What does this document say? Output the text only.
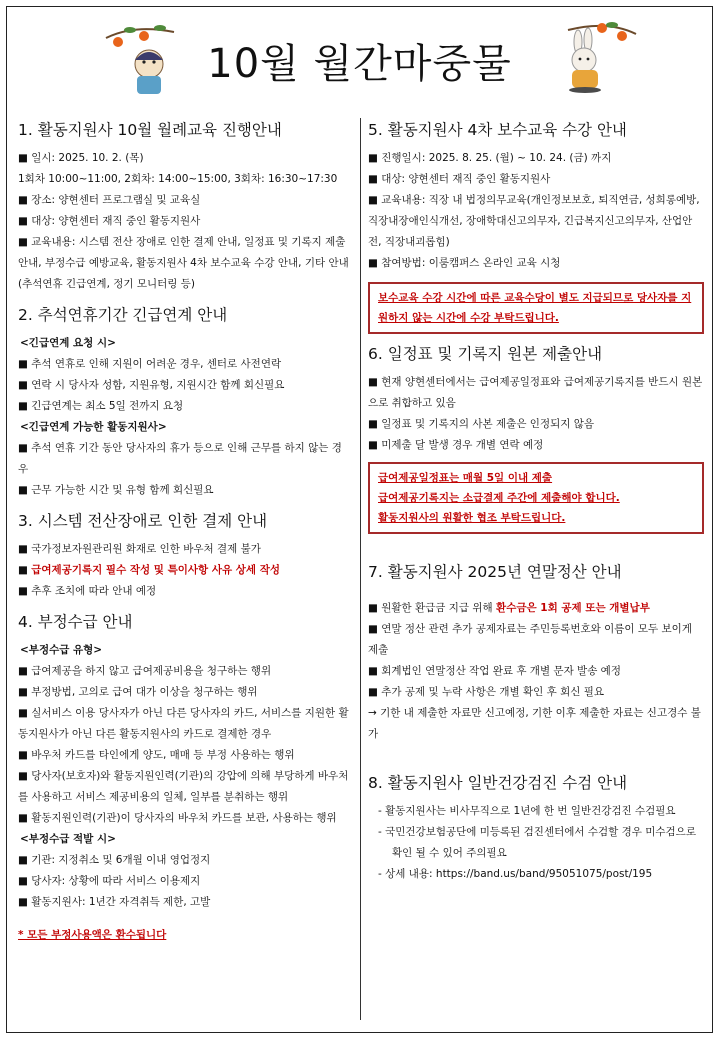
10월 월간마중물
1. 활동지원사 10월 월례교육 진행안내
■ 일시: 2025. 10. 2. (목)
1회차 10:00~11:00, 2회차: 14:00~15:00, 3회차: 16:30~17:30
■ 장소: 양현센터 프로그램실 및 교육실
■ 대상: 양현센터 재직 중인 활동지원사
■ 교육내용: 시스템 전산 장애로 인한 결제 안내, 일정표 및 기록지 제출 안내, 부정수급 예방교육, 활동지원사 4차 보수교육 수강 안내, 기타 안내(추석연휴 긴급연계, 정기 모니터링 등)
2. 추석연휴기간 긴급연계 안내
<긴급연계 요청 시>
■ 추석 연휴로 인해 지원이 어려운 경우, 센터로 사전연락
■ 연락 시 당사자 성함, 지원유형, 지원시간 함께 회신필요
■ 긴급연계는 최소 5일 전까지 요청
<긴급연계 가능한 활동지원사>
■ 추석 연휴 기간 동안 당사자의 휴가 등으로 인해 근무를 하지 않는 경우
■ 근무 가능한 시간 및 유형 함께 회신필요
3. 시스템 전산장애로 인한 결제 안내
■ 국가정보자원관리원 화재로 인한 바우처 결제 불가
■ 급여제공기록지 필수 작성 및 특이사항 사유 상세 작성
■ 추후 조치에 따라 안내 예정
4. 부정수급 안내
<부정수급 유형>
■ 급여제공을 하지 않고 급여제공비용을 청구하는 행위
■ 부정방법, 고의로 급여 대가 이상을 청구하는 행위
■ 실서비스 이용 당사자가 아닌 다른 당사자의 카드, 서비스를 지원한 활동지원사가 아닌 다른 활동지원사의 카드로 결제한 경우
■ 바우처 카드를 타인에게 양도, 매매 등 부정 사용하는 행위
■ 당사자(보호자)와 활동지원인력(기관)의 강압에 의해 부당하게 바우처를 사용하고 서비스 제공비용의 일체, 일부를 분취하는 행위
■ 활동지원인력(기관)이 당사자의 바우처 카드를 보관, 사용하는 행위
<부정수급 적발 시>
■ 기관: 지정취소 및 6개월 이내 영업정지
■ 당사자: 상황에 따라 서비스 이용제지
■ 활동지원사: 1년간 자격취득 제한, 고발
* 모든 부정사용액은 환수됩니다
5. 활동지원사 4차 보수교육 수강 안내
■ 진행일시: 2025. 8. 25. (월) ~ 10. 24. (금) 까지
■ 대상: 양현센터 재직 중인 활동지원사
■ 교육내용: 직장 내 법정의무교육(개인정보보호, 퇴직연금, 성희롱예방, 직장내장애인식개선, 장애학대신고의무자, 긴급복지신고의무자, 산업안전, 직장내괴롭힘)
■ 참여방법: 이룸캠퍼스 온라인 교육 시청
보수교육 수강 시간에 따른 교육수당이 별도 지급되므로 당사자를 지원하지 않는 시간에 수강 부탁드립니다.
6. 일정표 및 기록지 원본 제출안내
■ 현재 양현센터에서는 급여제공일정표와 급여제공기록지를 반드시 원본으로 취합하고 있음
■ 일정표 및 기록지의 사본 제출은 인정되지 않음
■ 미제출 달 발생 경우 개별 연락 예정
급여제공일정표는 매월 5일 이내 제출
급여제공기록지는 소급결제 주간에 제출해야 합니다.
활동지원사의 원활한 협조 부탁드립니다.
7. 활동지원사 2025년 연말정산 안내
■ 원활한 환급금 지급 위해 환수금은 1회 공제 또는 개별납부
■ 연말 정산 관련 추가 공제자료는 주민등록번호와 이름이 모두 보이게 제출
■ 회계법인 연말정산 작업 완료 후 개별 문자 발송 예정
■ 추가 공제 및 누락 사항은 개별 확인 후 회신 필요
→ 기한 내 제출한 자료만 신고예정, 기한 이후 제출한 자료는 신고경수 불가
8. 활동지원사 일반건강검진 수검 안내
- 활동지원사는 비사무직으로 1년에 한 번 일반건강검진 수검필요
- 국민건강보험공단에 미등록된 검진센터에서 수검할 경우 미수검으로 확인 될 수 있어 주의필요
- 상세 내용: https://band.us/band/95051075/post/195
